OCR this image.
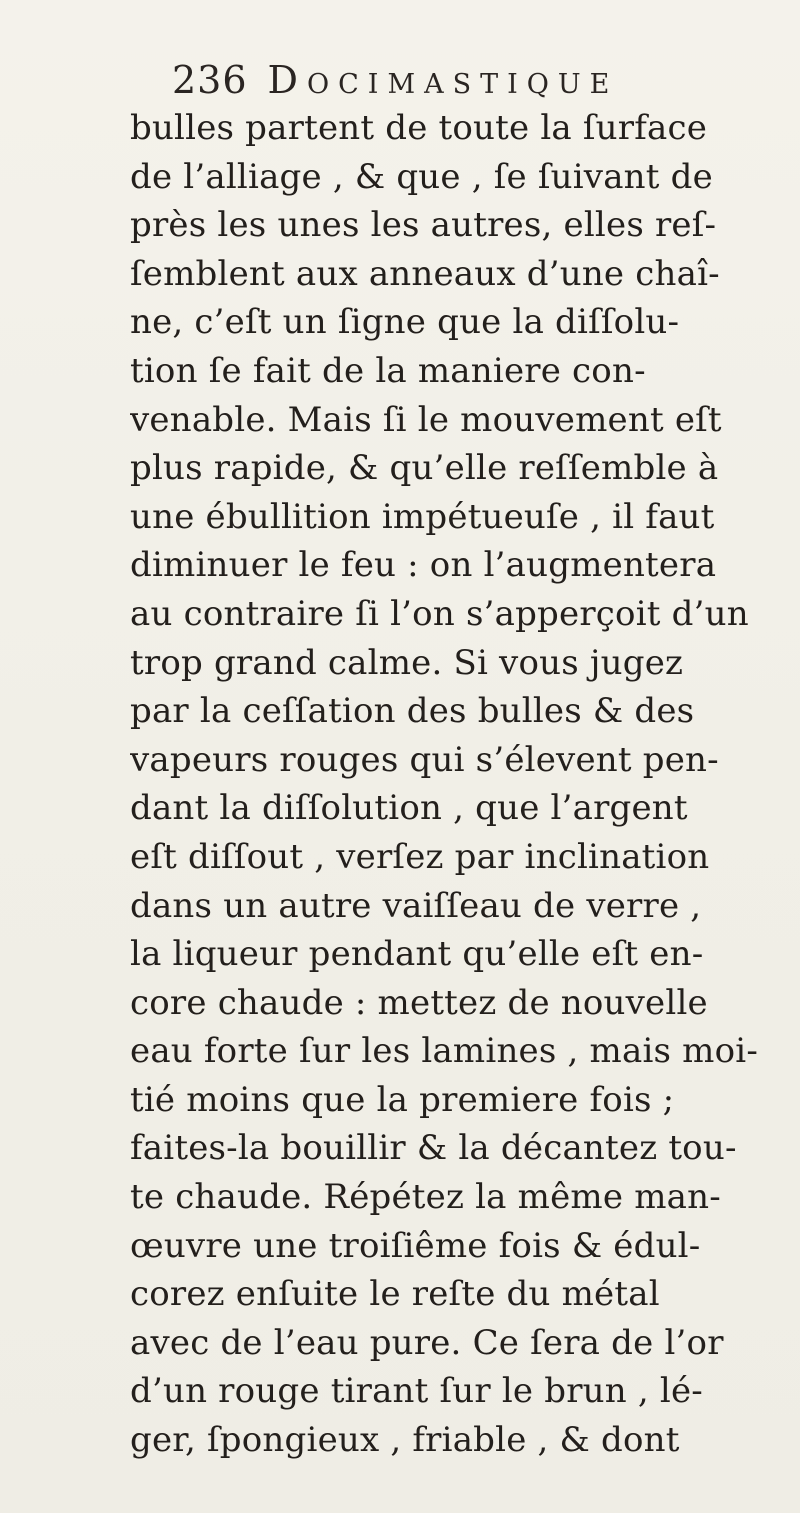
236 Docimastique
bulles partent de toute la ſurface
de l’alliage , & que , ſe ſuivant de
près les unes les autres, elles reſ-
ſemblent aux anneaux d’une chaî-
ne, c’eſt un ſigne que la diſſolu-
tion ſe fait de la maniere con-
venable. Mais ſi le mouvement eſt
plus rapide, & qu’elle reſſemble à
une ébullition impétueuſe , il faut
diminuer le feu : on l’augmentera
au contraire ſi l’on s’apperçoit d’un
trop grand calme. Si vous jugez
par la ceſſation des bulles & des
vapeurs rouges qui s’élevent pen-
dant la diſſolution , que l’argent
eſt diſſout , verſez par inclination
dans un autre vaiſſeau de verre ,
la liqueur pendant qu’elle eſt en-
core chaude : mettez de nouvelle
eau forte ſur les lamines , mais moi-
tié moins que la premiere fois ;
faites-la bouillir & la décantez tou-
te chaude. Répétez la même man-
œuvre une troiſiême fois & édul-
corez enſuite le reſte du métal
avec de l’eau pure. Ce ſera de l’or
d’un rouge tirant ſur le brun , lé-
ger, ſpongieux , friable , & dont
